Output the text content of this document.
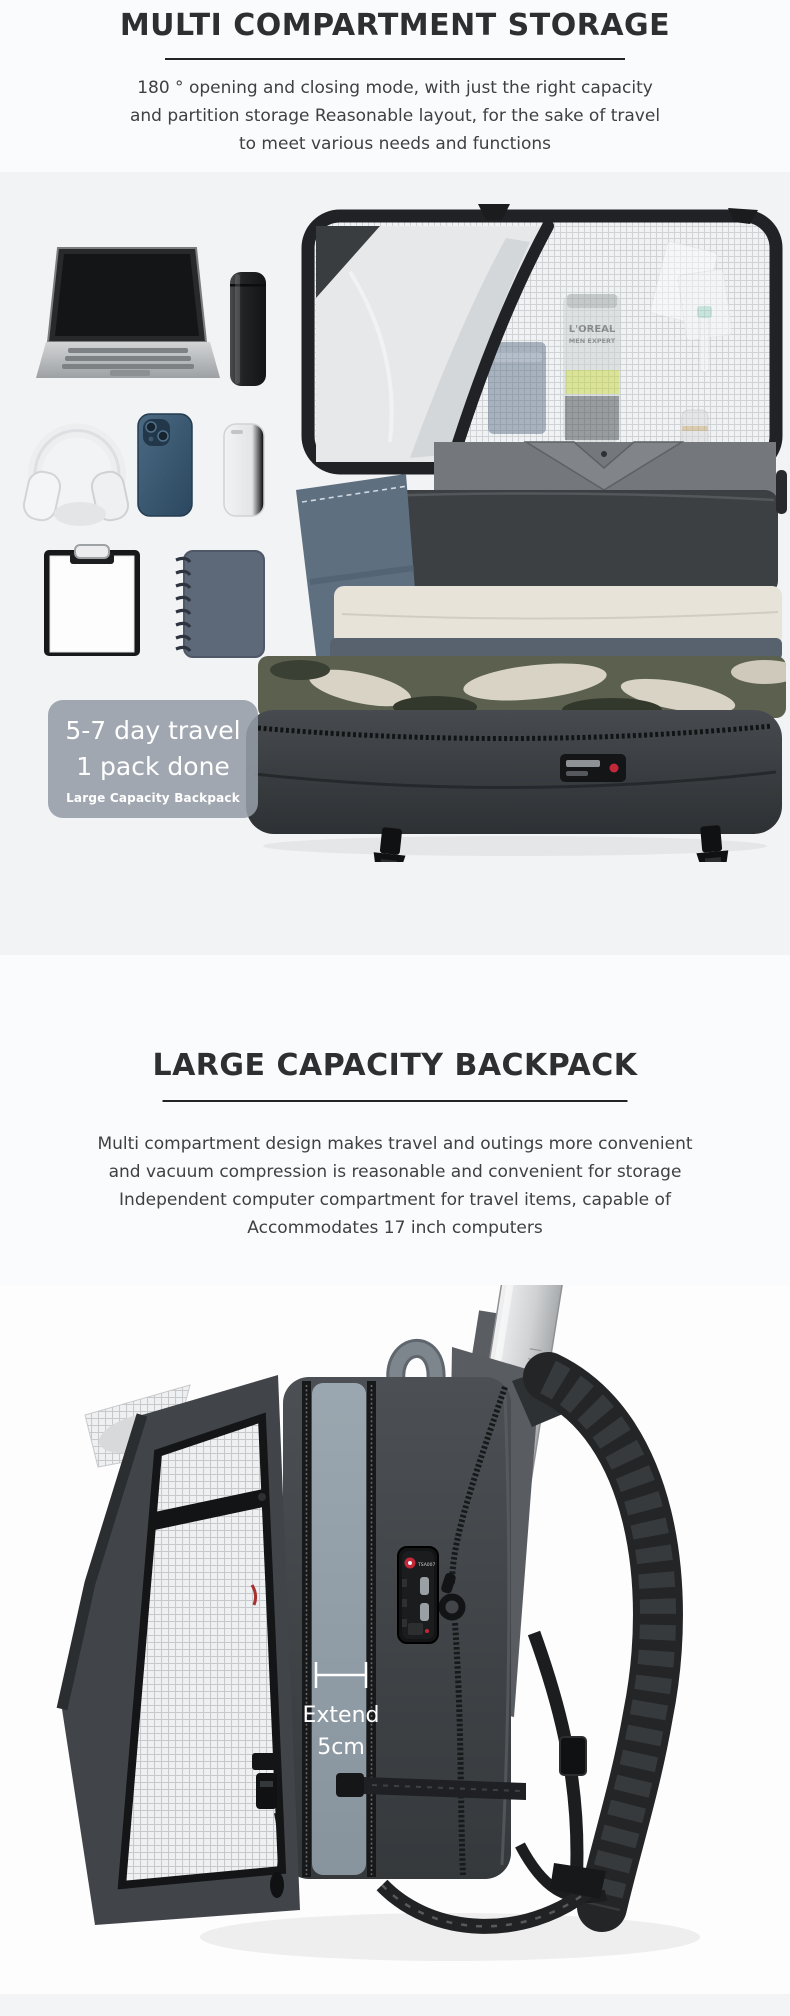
MULTI COMPARTMENT STORAGE
180 ° opening and closing mode, with just the right capacity
and partition storage Reasonable layout, for the sake of travel
to meet various needs and functions
5-7 day travel
1 pack done
Large Capacity Backpack
LARGE CAPACITY BACKPACK
Multi compartment design makes travel and outings more convenient
and vacuum compression is reasonable and convenient for storage
Independent computer compartment for travel items, capable of
Accommodates 17 inch computers
TSA007
Extend
5cm
